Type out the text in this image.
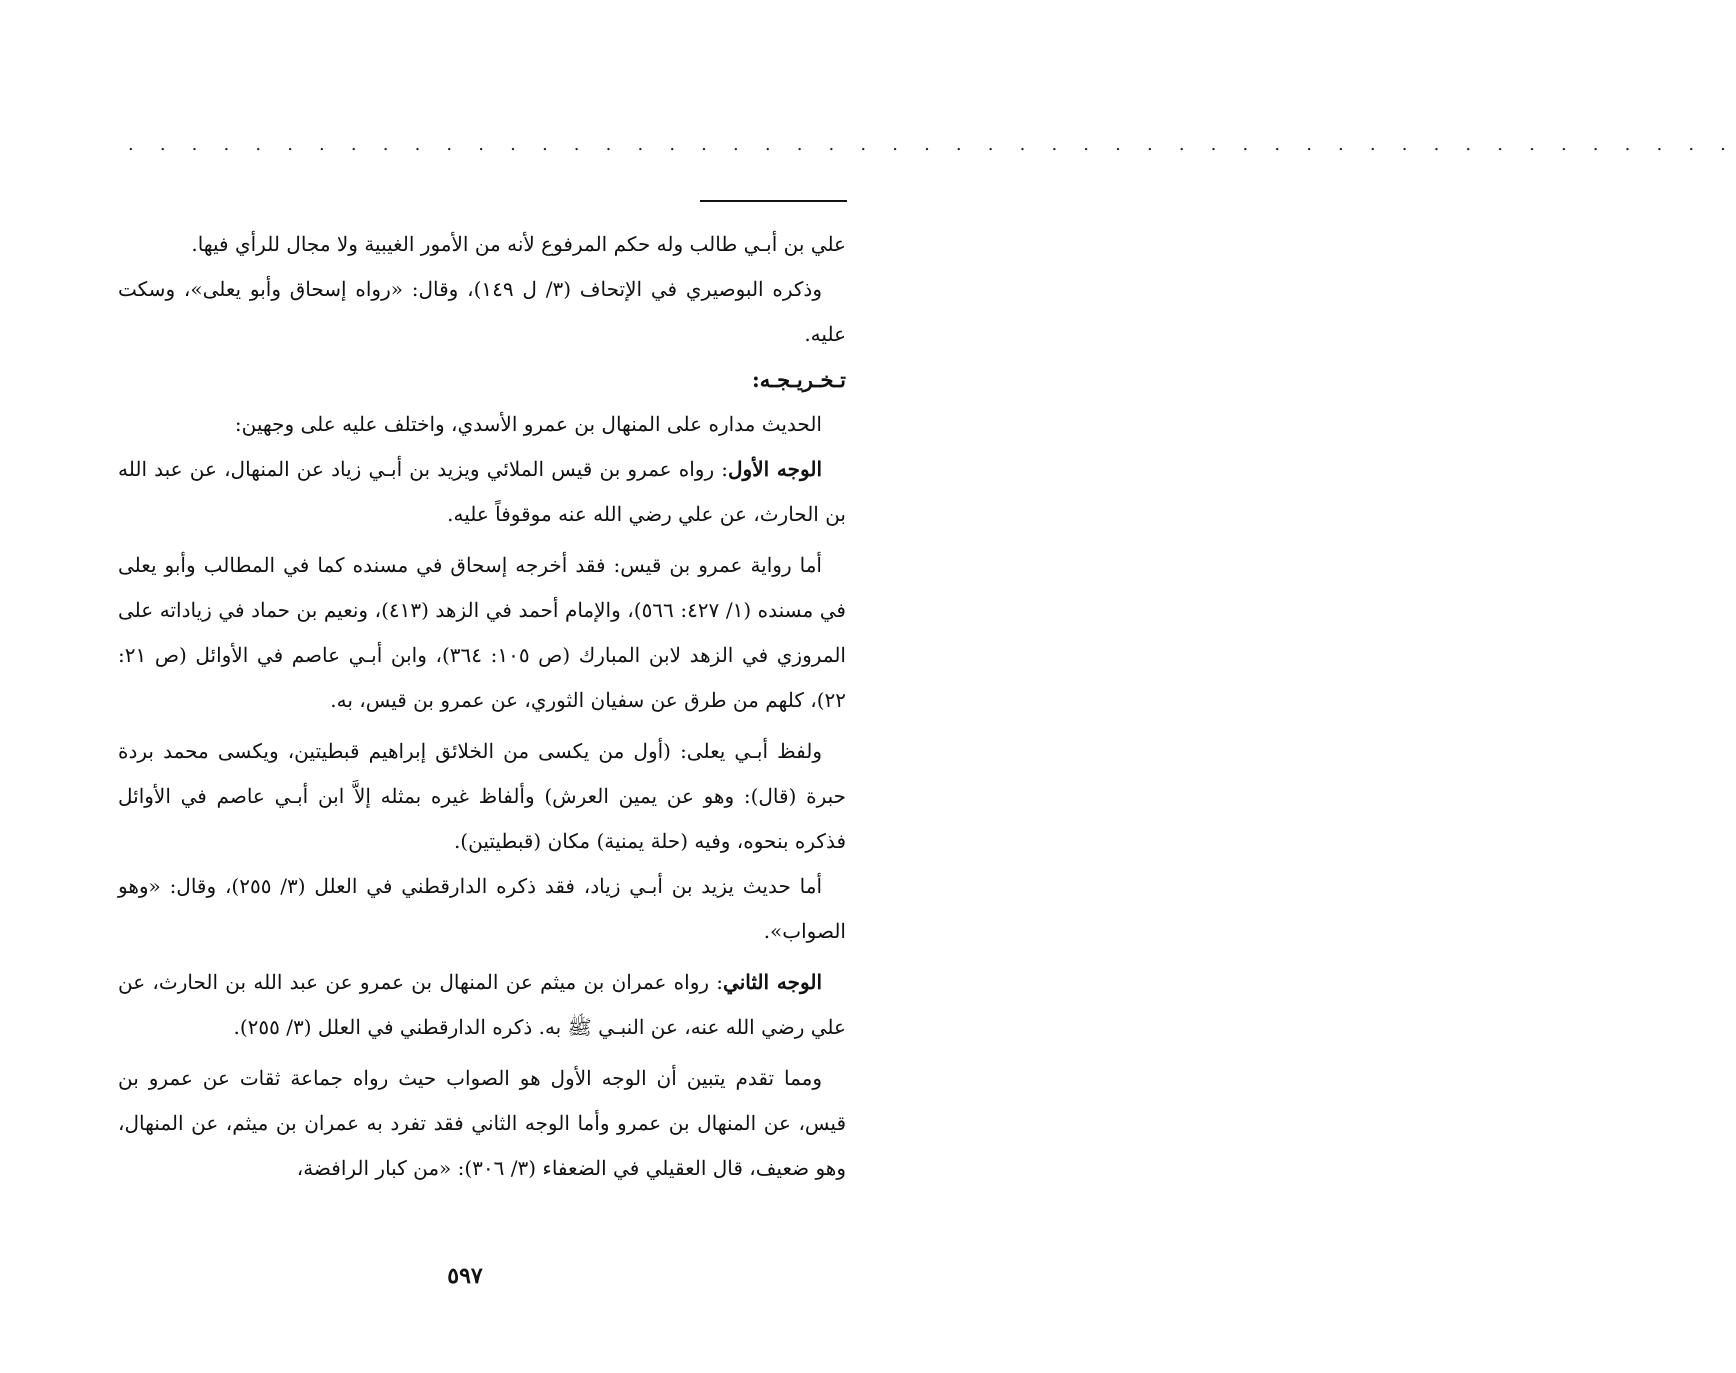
. . . . . . . . . . . . . . . . . . . . . . . . . . . . . . . . . . . . . . . . . . . . . . . . . . .

علي بن أبـي طالب وله حكم المرفوع لأنه من الأمور الغيبية ولا مجال للرأي فيها.

وذكره البوصيري في الإتحاف (٣/ ل ١٤٩)، وقال: «رواه إسحاق وأبو يعلى»، وسكت عليه.

تـخـريـجـه:

الحديث مداره على المنهال بن عمرو الأسدي، واختلف عليه على وجهين:

الوجه الأول: رواه عمرو بن قيس الملائي ويزيد بن أبـي زياد عن المنهال، عن عبد الله بن الحارث، عن علي رضي الله عنه موقوفاً عليه.

أما رواية عمرو بن قيس: فقد أخرجه إسحاق في مسنده كما في المطالب وأبو يعلى في مسنده (١/ ٤٢٧: ٥٦٦)، والإمام أحمد في الزهد (٤١٣)، ونعيم بن حماد في زياداته على المروزي في الزهد لابن المبارك (ص ١٠٥: ٣٦٤)، وابن أبـي عاصم في الأوائل (ص ٢١: ٢٢)، كلهم من طرق عن سفيان الثوري، عن عمرو بن قيس، به.

ولفظ أبـي يعلى: (أول من يكسى من الخلائق إبراهيم قبطيتين، ويكسى محمد بردة حبرة (قال): وهو عن يمين العرش) وألفاظ غيره بمثله إلاَّ ابن أبـي عاصم في الأوائل فذكره بنحوه، وفيه (حلة يمنية) مكان (قبطيتين).

أما حديث يزيد بن أبـي زياد، فقد ذكره الدارقطني في العلل (٣/ ٢٥٥)، وقال: «وهو الصواب».

الوجه الثاني: رواه عمران بن ميثم عن المنهال بن عمرو عن عبد الله بن الحارث، عن علي رضي الله عنه، عن النبـي ﷺ به. ذكره الدارقطني في العلل (٣/ ٢٥٥).

ومما تقدم يتبين أن الوجه الأول هو الصواب حيث رواه جماعة ثقات عن عمرو بن قيس، عن المنهال بن عمرو وأما الوجه الثاني فقد تفرد به عمران بن ميثم، عن المنهال، وهو ضعيف، قال العقيلي في الضعفاء (٣/ ٣٠٦): «من كبار الرافضة،

٥٩٧
